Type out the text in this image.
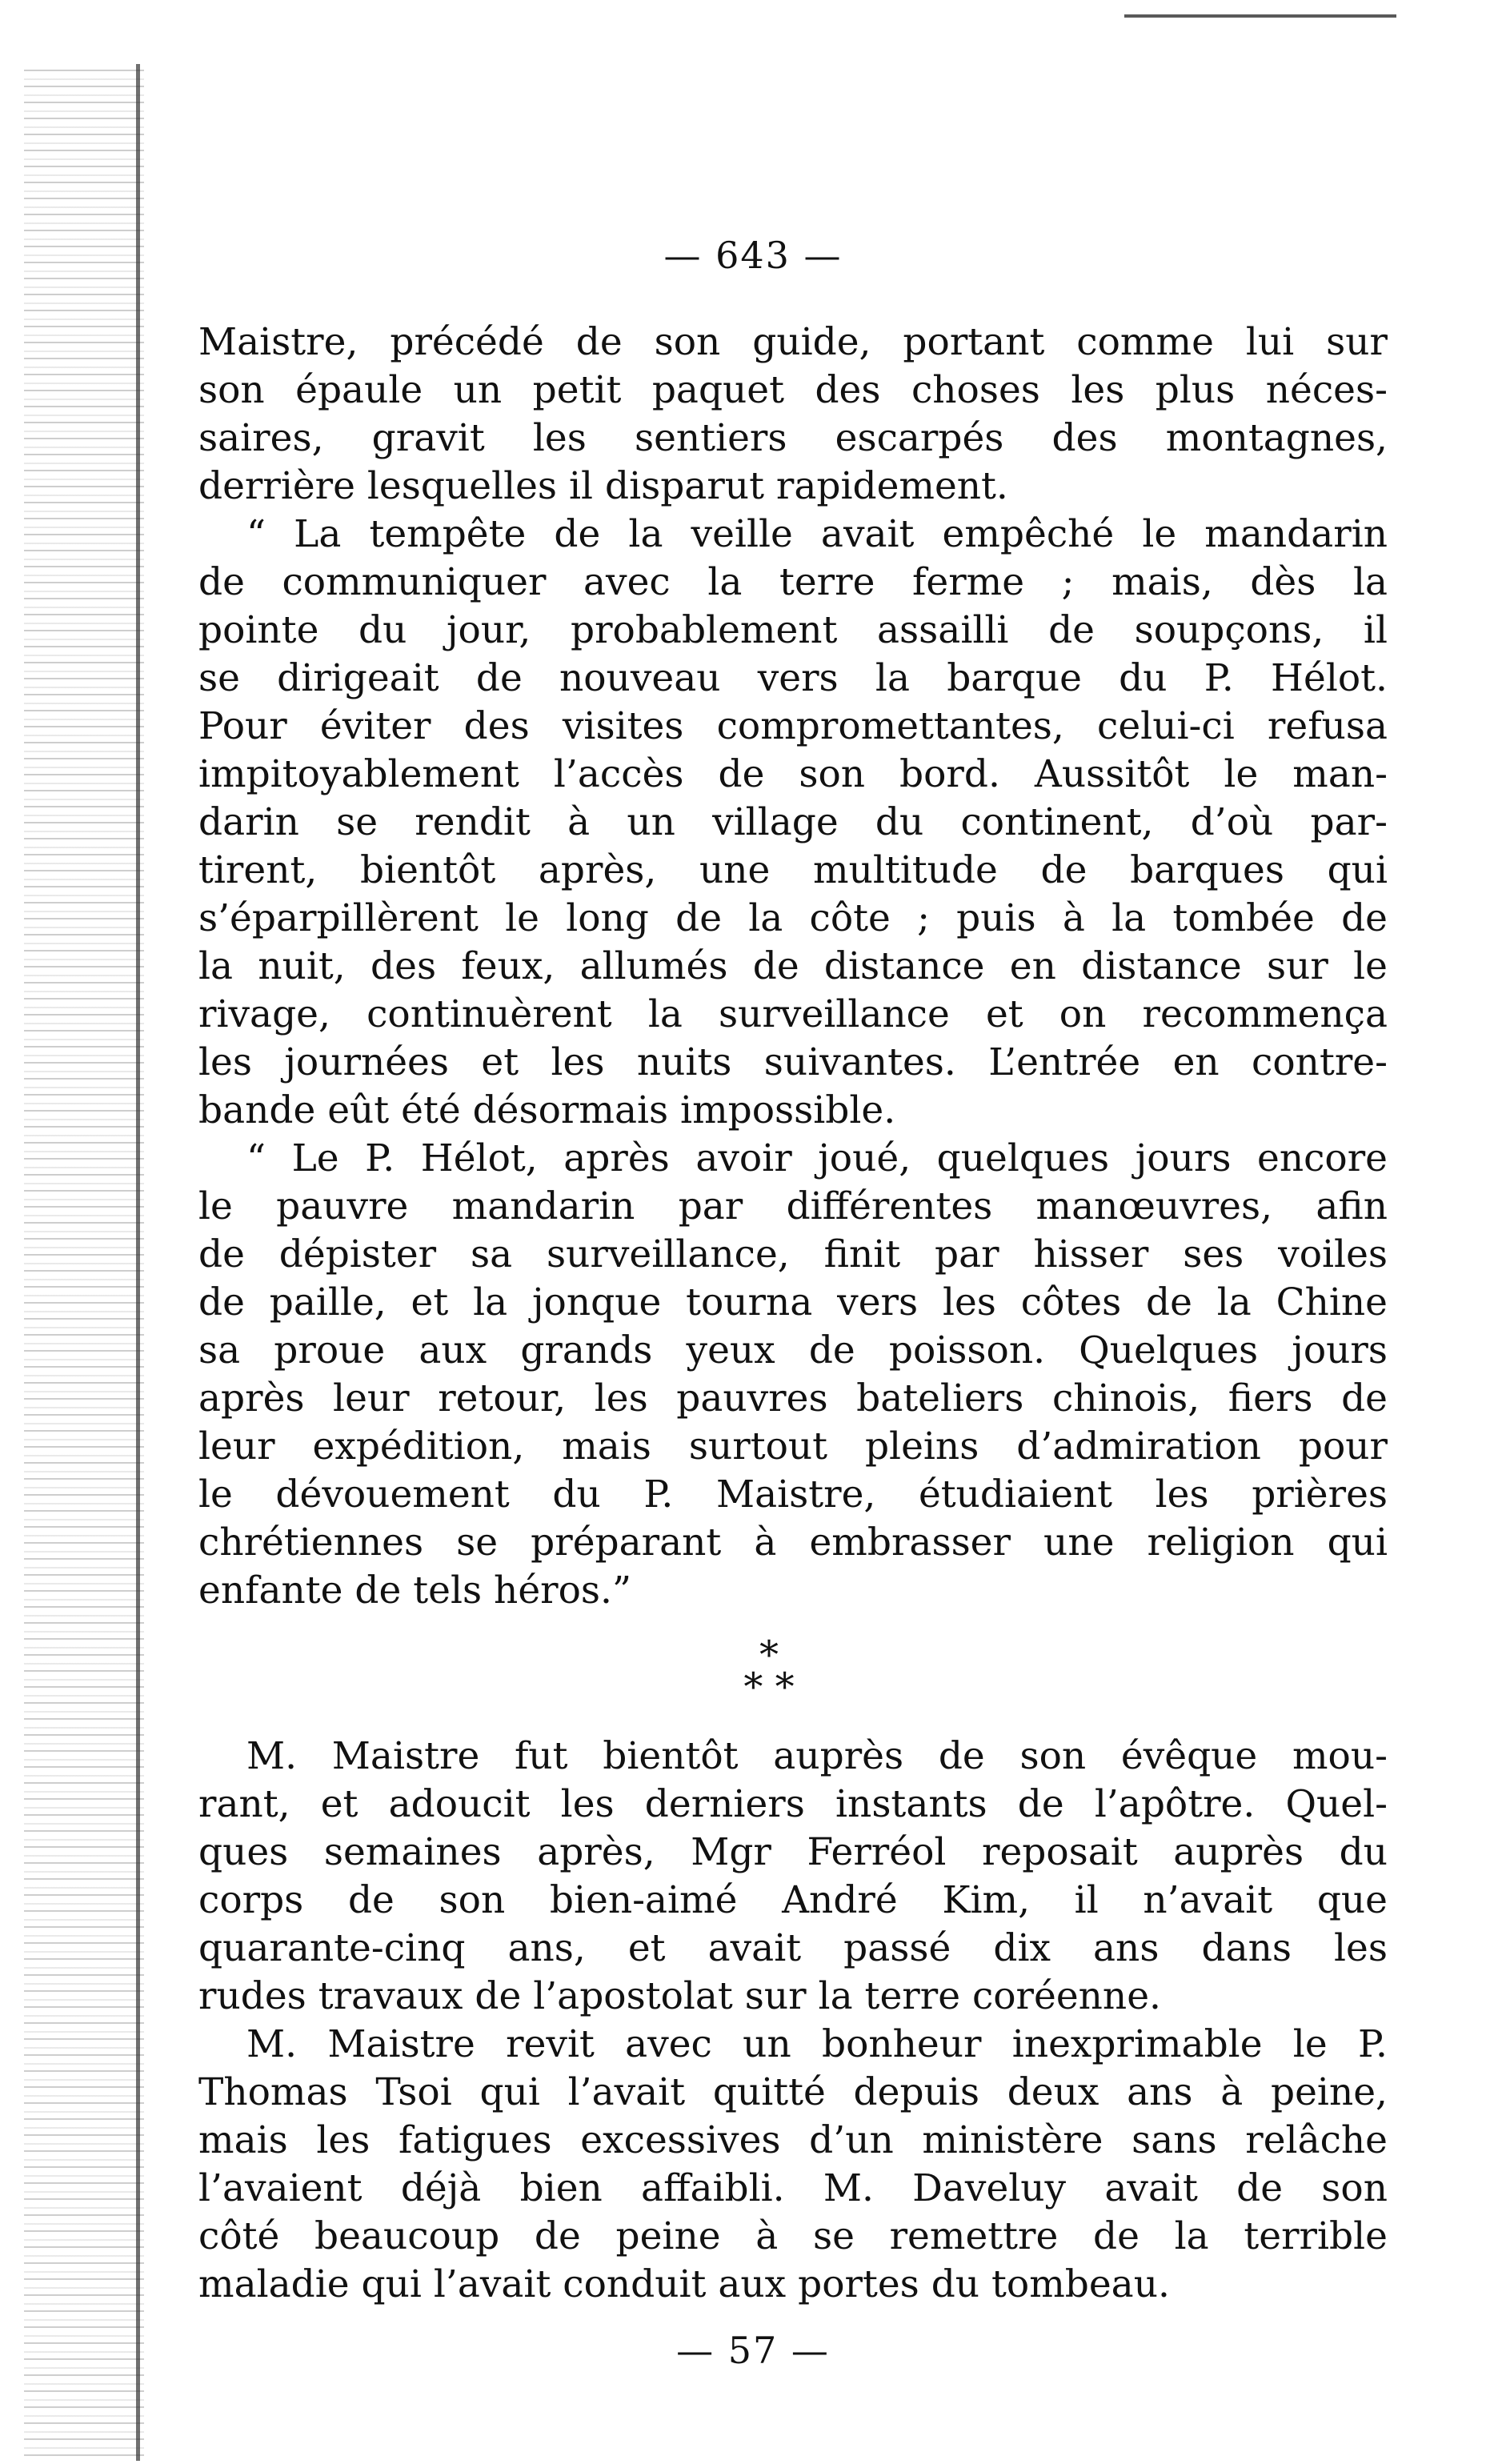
— 643 —
Maistre, précédé de son guide, portant comme lui sur
son épaule un petit paquet des choses les plus néces-
saires, gravit les sentiers escarpés des montagnes,
derrière lesquelles il disparut rapidement.
“ La tempête de la veille avait empêché le mandarin
de communiquer avec la terre ferme ; mais, dès la
pointe du jour, probablement assailli de soupçons, il
se dirigeait de nouveau vers la barque du P. Hélot.
Pour éviter des visites compromettantes, celui-ci refusa
impitoyablement l’accès de son bord. Aussitôt le man-
darin se rendit à un village du continent, d’où par-
tirent, bientôt après, une multitude de barques qui
s’éparpillèrent le long de la côte ; puis à la tombée de
la nuit, des feux, allumés de distance en distance sur le
rivage, continuèrent la surveillance et on recommença
les journées et les nuits suivantes. L’entrée en contre-
bande eût été désormais impossible.
“ Le P. Hélot, après avoir joué, quelques jours encore
le pauvre mandarin par différentes manœuvres, afin
de dépister sa surveillance, finit par hisser ses voiles
de paille, et la jonque tourna vers les côtes de la Chine
sa proue aux grands yeux de poisson. Quelques jours
après leur retour, les pauvres bateliers chinois, fiers de
leur expédition, mais surtout pleins d’admiration pour
le dévouement du P. Maistre, étudiaient les prières
chrétiennes se préparant à embrasser une religion qui
enfante de tels héros.”
*
* *
M. Maistre fut bientôt auprès de son évêque mou-
rant, et adoucit les derniers instants de l’apôtre. Quel-
ques semaines après, Mgr Ferréol reposait auprès du
corps de son bien-aimé André Kim, il n’avait que
quarante-cinq ans, et avait passé dix ans dans les
rudes travaux de l’apostolat sur la terre coréenne.
M. Maistre revit avec un bonheur inexprimable le P.
Thomas Tsoi qui l’avait quitté depuis deux ans à peine,
mais les fatigues excessives d’un ministère sans relâche
l’avaient déjà bien affaibli. M. Daveluy avait de son
côté beaucoup de peine à se remettre de la terrible
maladie qui l’avait conduit aux portes du tombeau.
— 57 —
